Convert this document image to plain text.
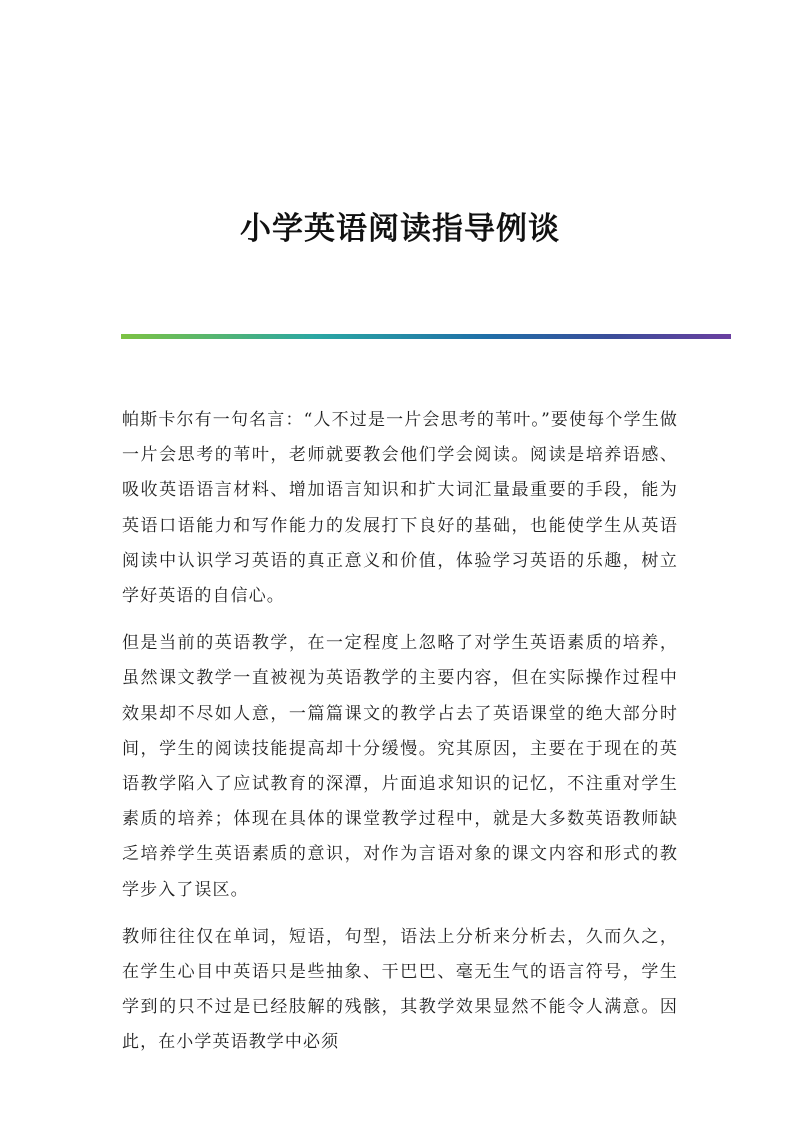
小学英语阅读指导例谈

帕斯卡尔有一句名言：“人不过是一片会思考的苇叶。”要使每个学生做一片会思考的苇叶，老师就要教会他们学会阅读。阅读是培养语感、吸收英语语言材料、增加语言知识和扩大词汇量最重要的手段，能为英语口语能力和写作能力的发展打下良好的基础，也能使学生从英语阅读中认识学习英语的真正意义和价值，体验学习英语的乐趣，树立学好英语的自信心。

但是当前的英语教学，在一定程度上忽略了对学生英语素质的培养，虽然课文教学一直被视为英语教学的主要内容，但在实际操作过程中效果却不尽如人意，一篇篇课文的教学占去了英语课堂的绝大部分时间，学生的阅读技能提高却十分缓慢。究其原因，主要在于现在的英语教学陷入了应试教育的深潭，片面追求知识的记忆，不注重对学生素质的培养；体现在具体的课堂教学过程中，就是大多数英语教师缺乏培养学生英语素质的意识，对作为言语对象的课文内容和形式的教学步入了误区。

教师往往仅在单词，短语，句型，语法上分析来分析去，久而久之，在学生心目中英语只是些抽象、干巴巴、毫无生气的语言符号，学生学到的只不过是已经肢解的残骸，其教学效果显然不能令人满意。因此，在小学英语教学中必须
